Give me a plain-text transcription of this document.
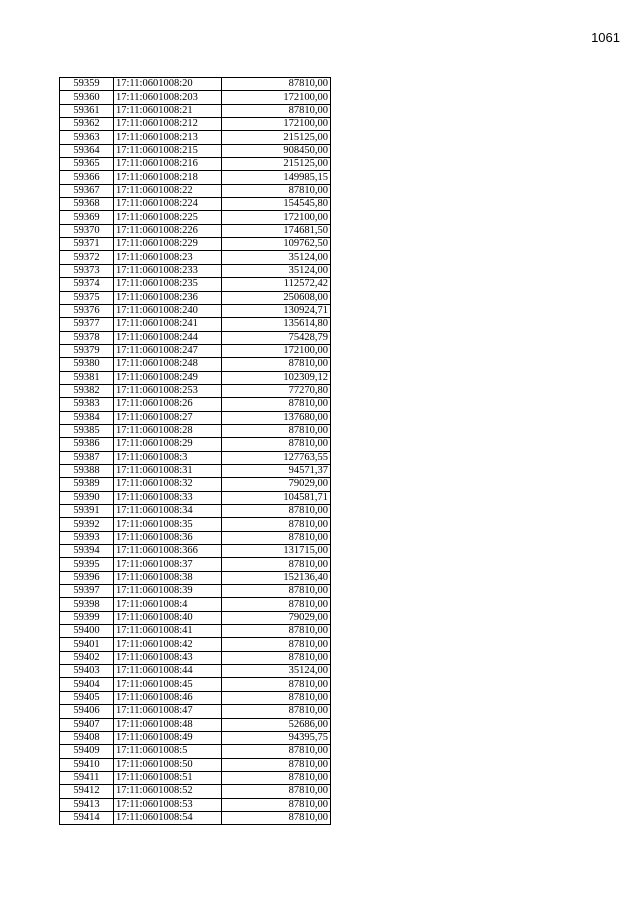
1061
59359	17:11:0601008:20	87810,00
59360	17:11:0601008:203	172100,00
59361	17:11:0601008:21	87810,00
59362	17:11:0601008:212	172100,00
59363	17:11:0601008:213	215125,00
59364	17:11:0601008:215	908450,00
59365	17:11:0601008:216	215125,00
59366	17:11:0601008:218	149985,15
59367	17:11:0601008:22	87810,00
59368	17:11:0601008:224	154545,80
59369	17:11:0601008:225	172100,00
59370	17:11:0601008:226	174681,50
59371	17:11:0601008:229	109762,50
59372	17:11:0601008:23	35124,00
59373	17:11:0601008:233	35124,00
59374	17:11:0601008:235	112572,42
59375	17:11:0601008:236	250608,00
59376	17:11:0601008:240	130924,71
59377	17:11:0601008:241	135614,80
59378	17:11:0601008:244	75428,79
59379	17:11:0601008:247	172100,00
59380	17:11:0601008:248	87810,00
59381	17:11:0601008:249	102309,12
59382	17:11:0601008:253	77270,80
59383	17:11:0601008:26	87810,00
59384	17:11:0601008:27	137680,00
59385	17:11:0601008:28	87810,00
59386	17:11:0601008:29	87810,00
59387	17:11:0601008:3	127763,55
59388	17:11:0601008:31	94571,37
59389	17:11:0601008:32	79029,00
59390	17:11:0601008:33	104581,71
59391	17:11:0601008:34	87810,00
59392	17:11:0601008:35	87810,00
59393	17:11:0601008:36	87810,00
59394	17:11:0601008:366	131715,00
59395	17:11:0601008:37	87810,00
59396	17:11:0601008:38	152136,40
59397	17:11:0601008:39	87810,00
59398	17:11:0601008:4	87810,00
59399	17:11:0601008:40	79029,00
59400	17:11:0601008:41	87810,00
59401	17:11:0601008:42	87810,00
59402	17:11:0601008:43	87810,00
59403	17:11:0601008:44	35124,00
59404	17:11:0601008:45	87810,00
59405	17:11:0601008:46	87810,00
59406	17:11:0601008:47	87810,00
59407	17:11:0601008:48	52686,00
59408	17:11:0601008:49	94395,75
59409	17:11:0601008:5	87810,00
59410	17:11:0601008:50	87810,00
59411	17:11:0601008:51	87810,00
59412	17:11:0601008:52	87810,00
59413	17:11:0601008:53	87810,00
59414	17:11:0601008:54	87810,00
